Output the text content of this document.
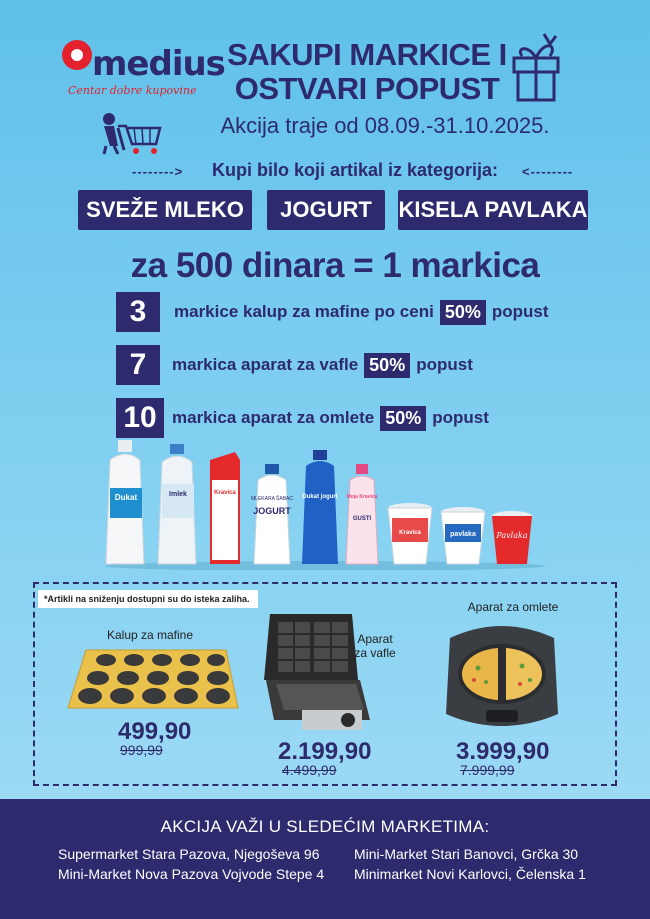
medius
Centar dobre kupovine
SAKUPI MARKICE I
OSTVARI POPUST
Akcija traje od 08.09.-31.10.2025.
-------->	Kupi bilo koji artikal iz kategorija:	<--------
SVEŽE MLEKO	JOGURT	KISELA PAVLAKA
za 500 dinara = 1 markica
3	markice kalup za mafine po ceni 50% popust
7	markica aparat za vafle 50% popust
10 markica aparat za omlete 50% popust
Dukat	Imlek	Kravica
MLEKARA ŠABAC
JOGURT
Dukat jogurt Moja Kravica
GUSTI
Kravica	pavlaka	Pavlaka
*Artikli na sniženju dostupni su do isteka zaliha.
Kalup za mafine
499,90
999,99
Aparat
za vafle
2.199,90
4.499,99
Aparat za omlete
3.999,90
7.999,99
AKCIJA VAŽI U SLEDEĆIM MARKETIMA:
Supermarket Stara Pazova, Njegoševa 96
Mini-Market Nova Pazova Vojvode Stepe 4
Mini-Market Stari Banovci, Grčka 30
Minimarket Novi Karlovci, Čelenska 1
